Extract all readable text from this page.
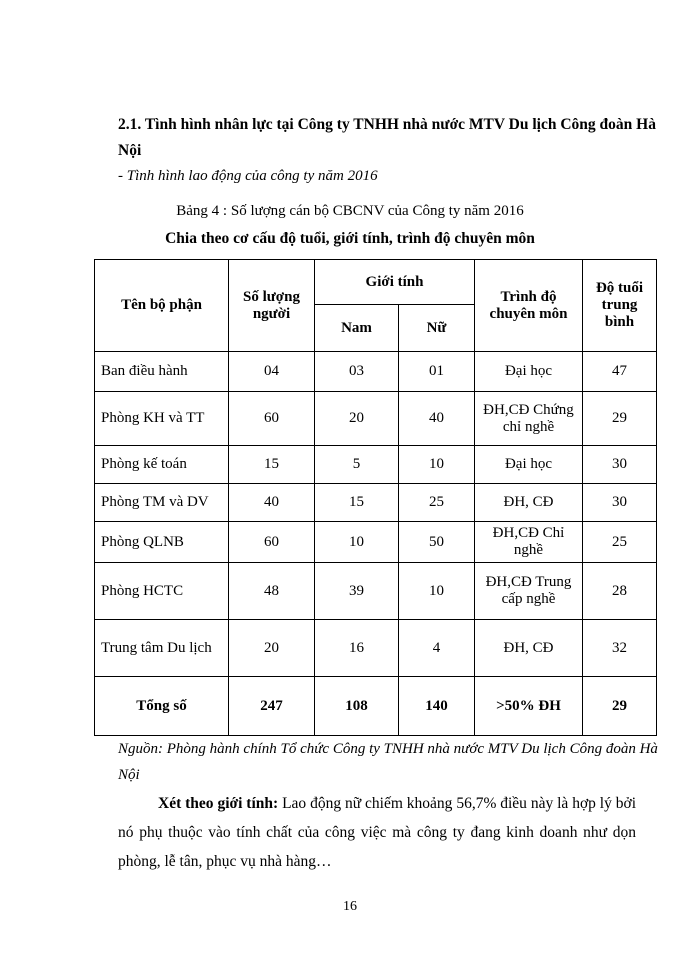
2.1. Tình hình nhân lực tại Công ty TNHH nhà nước MTV Du lịch Công đoàn Hà Nội
- Tình hình lao động của công ty năm 2016
Bảng 4 : Số lượng cán bộ CBCNV của Công ty năm 2016
Chia theo cơ cấu độ tuổi, giới tính, trình độ chuyên môn
Tên bộ phận	Số lượng người	Giới tính		Trình độ chuyên môn	Độ tuổi trung bình
		Nam	Nữ		
Ban điều hành	04	03	01	Đại học	47
Phòng KH và TT	60	20	40	ĐH,CĐ Chứng chỉ nghề	29
Phòng kế toán	15	5	10	Đại học	30
Phòng TM và DV	40	15	25	ĐH, CĐ	30
Phòng QLNB	60	10	50	ĐH,CĐ Chỉ nghề	25
Phòng HCTC	48	39	10	ĐH,CĐ Trung cấp nghề	28
Trung tâm Du lịch	20	16	4	ĐH, CĐ	32
Tổng số	247	108	140	>50% ĐH	29
Nguồn: Phòng hành chính Tổ chức Công ty TNHH nhà nước MTV Du lịch Công đoàn Hà Nội
Xét theo giới tính: Lao động nữ chiếm khoảng 56,7% điều này là hợp lý bởi nó phụ thuộc vào tính chất của công việc mà công ty đang kinh doanh như dọn phòng, lễ tân, phục vụ nhà hàng…
16
